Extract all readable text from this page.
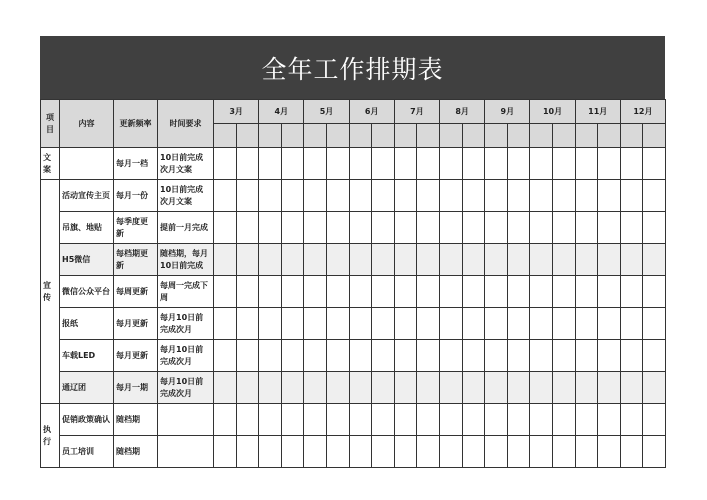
全年工作排期表
项目	内容	更新频率	时间要求	3月		4月		5月		6月		7月		8月		9月		10月		11月		12月	

文案		每月一档	10日前完成次月文案																				
宣传	活动宣传主页	每月一份	10日前完成次月文案																				
	吊旗、地贴	每季度更新	提前一月完成																				
	H5微信	每档期更新	随档期，每月10日前完成																				
	微信公众平台	每周更新	每周一完成下周																				
	报纸	每月更新	每月10日前完成次月																				
	车载LED	每月更新	每月10日前完成次月																				
	通辽团	每月一期	每月10日前完成次月																				
执行	促销政策确认	随档期																					
	员工培训	随档期																					
